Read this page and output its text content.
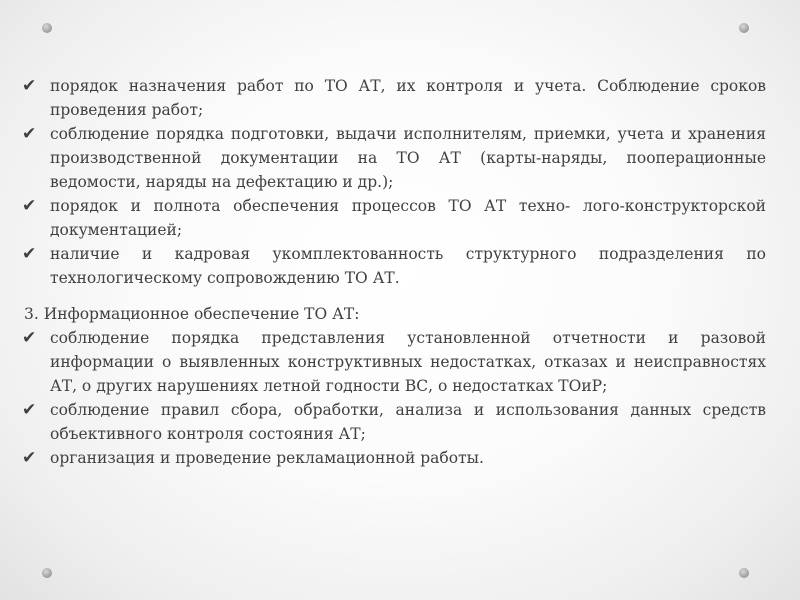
✔ порядок назначения работ по ТО АТ, их контроля и учета. Соблюдение сроков проведения работ;
✔ соблюдение порядка подготовки, выдачи исполнителям, приемки, учета и хранения производственной документации на ТО АТ (карты-наряды, пооперационные ведомости, наряды на дефектацию и др.);
✔ порядок и полнота обеспечения процессов ТО АТ техно- лого-конструкторской документацией;
✔ наличие и кадровая укомплектованность структурного подразделения по технологическому сопровождению ТО АТ.
3. Информационное обеспечение ТО АТ:
✔ соблюдение порядка представления установленной отчетности и разовой информации о выявленных конструктивных недостатках, отказах и неисправностях АТ, о других нарушениях летной годности ВС, о недостатках ТОиР;
✔ соблюдение правил сбора, обработки, анализа и использования данных средств объективного контроля состояния АТ;
✔ организация и проведение рекламационной работы.
